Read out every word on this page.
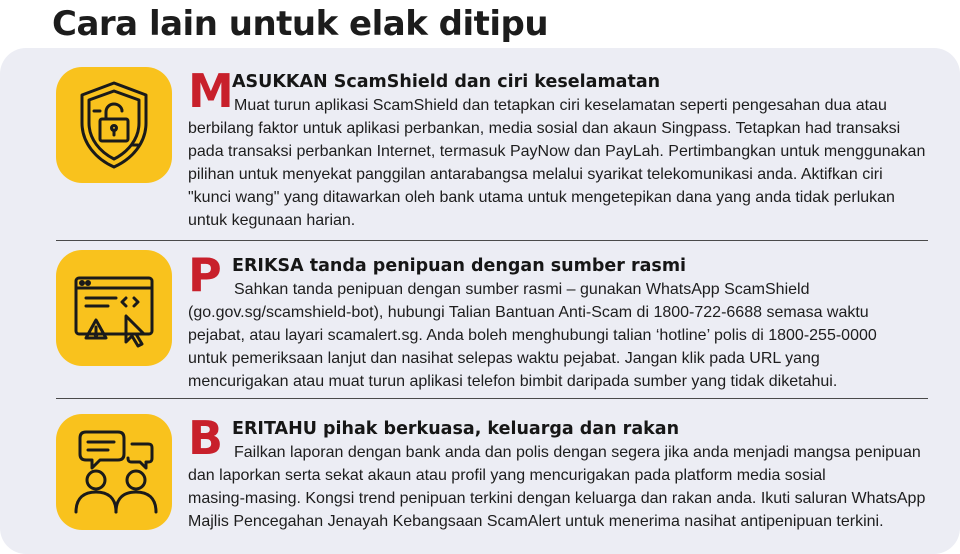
Cara lain untuk elak ditipu
M
ASUKKAN ScamShield dan ciri keselamatan

Muat turun aplikasi ScamShield dan tetapkan ciri keselamatan seperti pengesahan dua atau
berbilang faktor untuk aplikasi perbankan, media sosial dan akaun Singpass. Tetapkan had transaksi
pada transaksi perbankan Internet, termasuk PayNow dan PayLah. Pertimbangkan untuk menggunakan
pilihan untuk menyekat panggilan antarabangsa melalui syarikat telekomunikasi anda. Aktifkan ciri
"kunci wang" yang ditawarkan oleh bank utama untuk mengetepikan dana yang anda tidak perlukan
untuk kegunaan harian.

P ERIKSA tanda penipuan dengan sumber rasmi

Sahkan tanda penipuan dengan sumber rasmi – gunakan WhatsApp ScamShield
(go.gov.sg/scamshield-bot), hubungi Talian Bantuan Anti-Scam di 1800-722-6688 semasa waktu
pejabat, atau layari scamalert.sg. Anda boleh menghubungi talian ‘hotline’ polis di 1800-255-0000
untuk pemeriksaan lanjut dan nasihat selepas waktu pejabat. Jangan klik pada URL yang
mencurigakan atau muat turun aplikasi telefon bimbit daripada sumber yang tidak diketahui.

B ERITAHU pihak berkuasa, keluarga dan rakan

Failkan laporan dengan bank anda dan polis dengan segera jika anda menjadi mangsa penipuan
dan laporkan serta sekat akaun atau profil yang mencurigakan pada platform media sosial
masing-masing. Kongsi trend penipuan terkini dengan keluarga dan rakan anda. Ikuti saluran WhatsApp
Majlis Pencegahan Jenayah Kebangsaan ScamAlert untuk menerima nasihat antipenipuan terkini.
